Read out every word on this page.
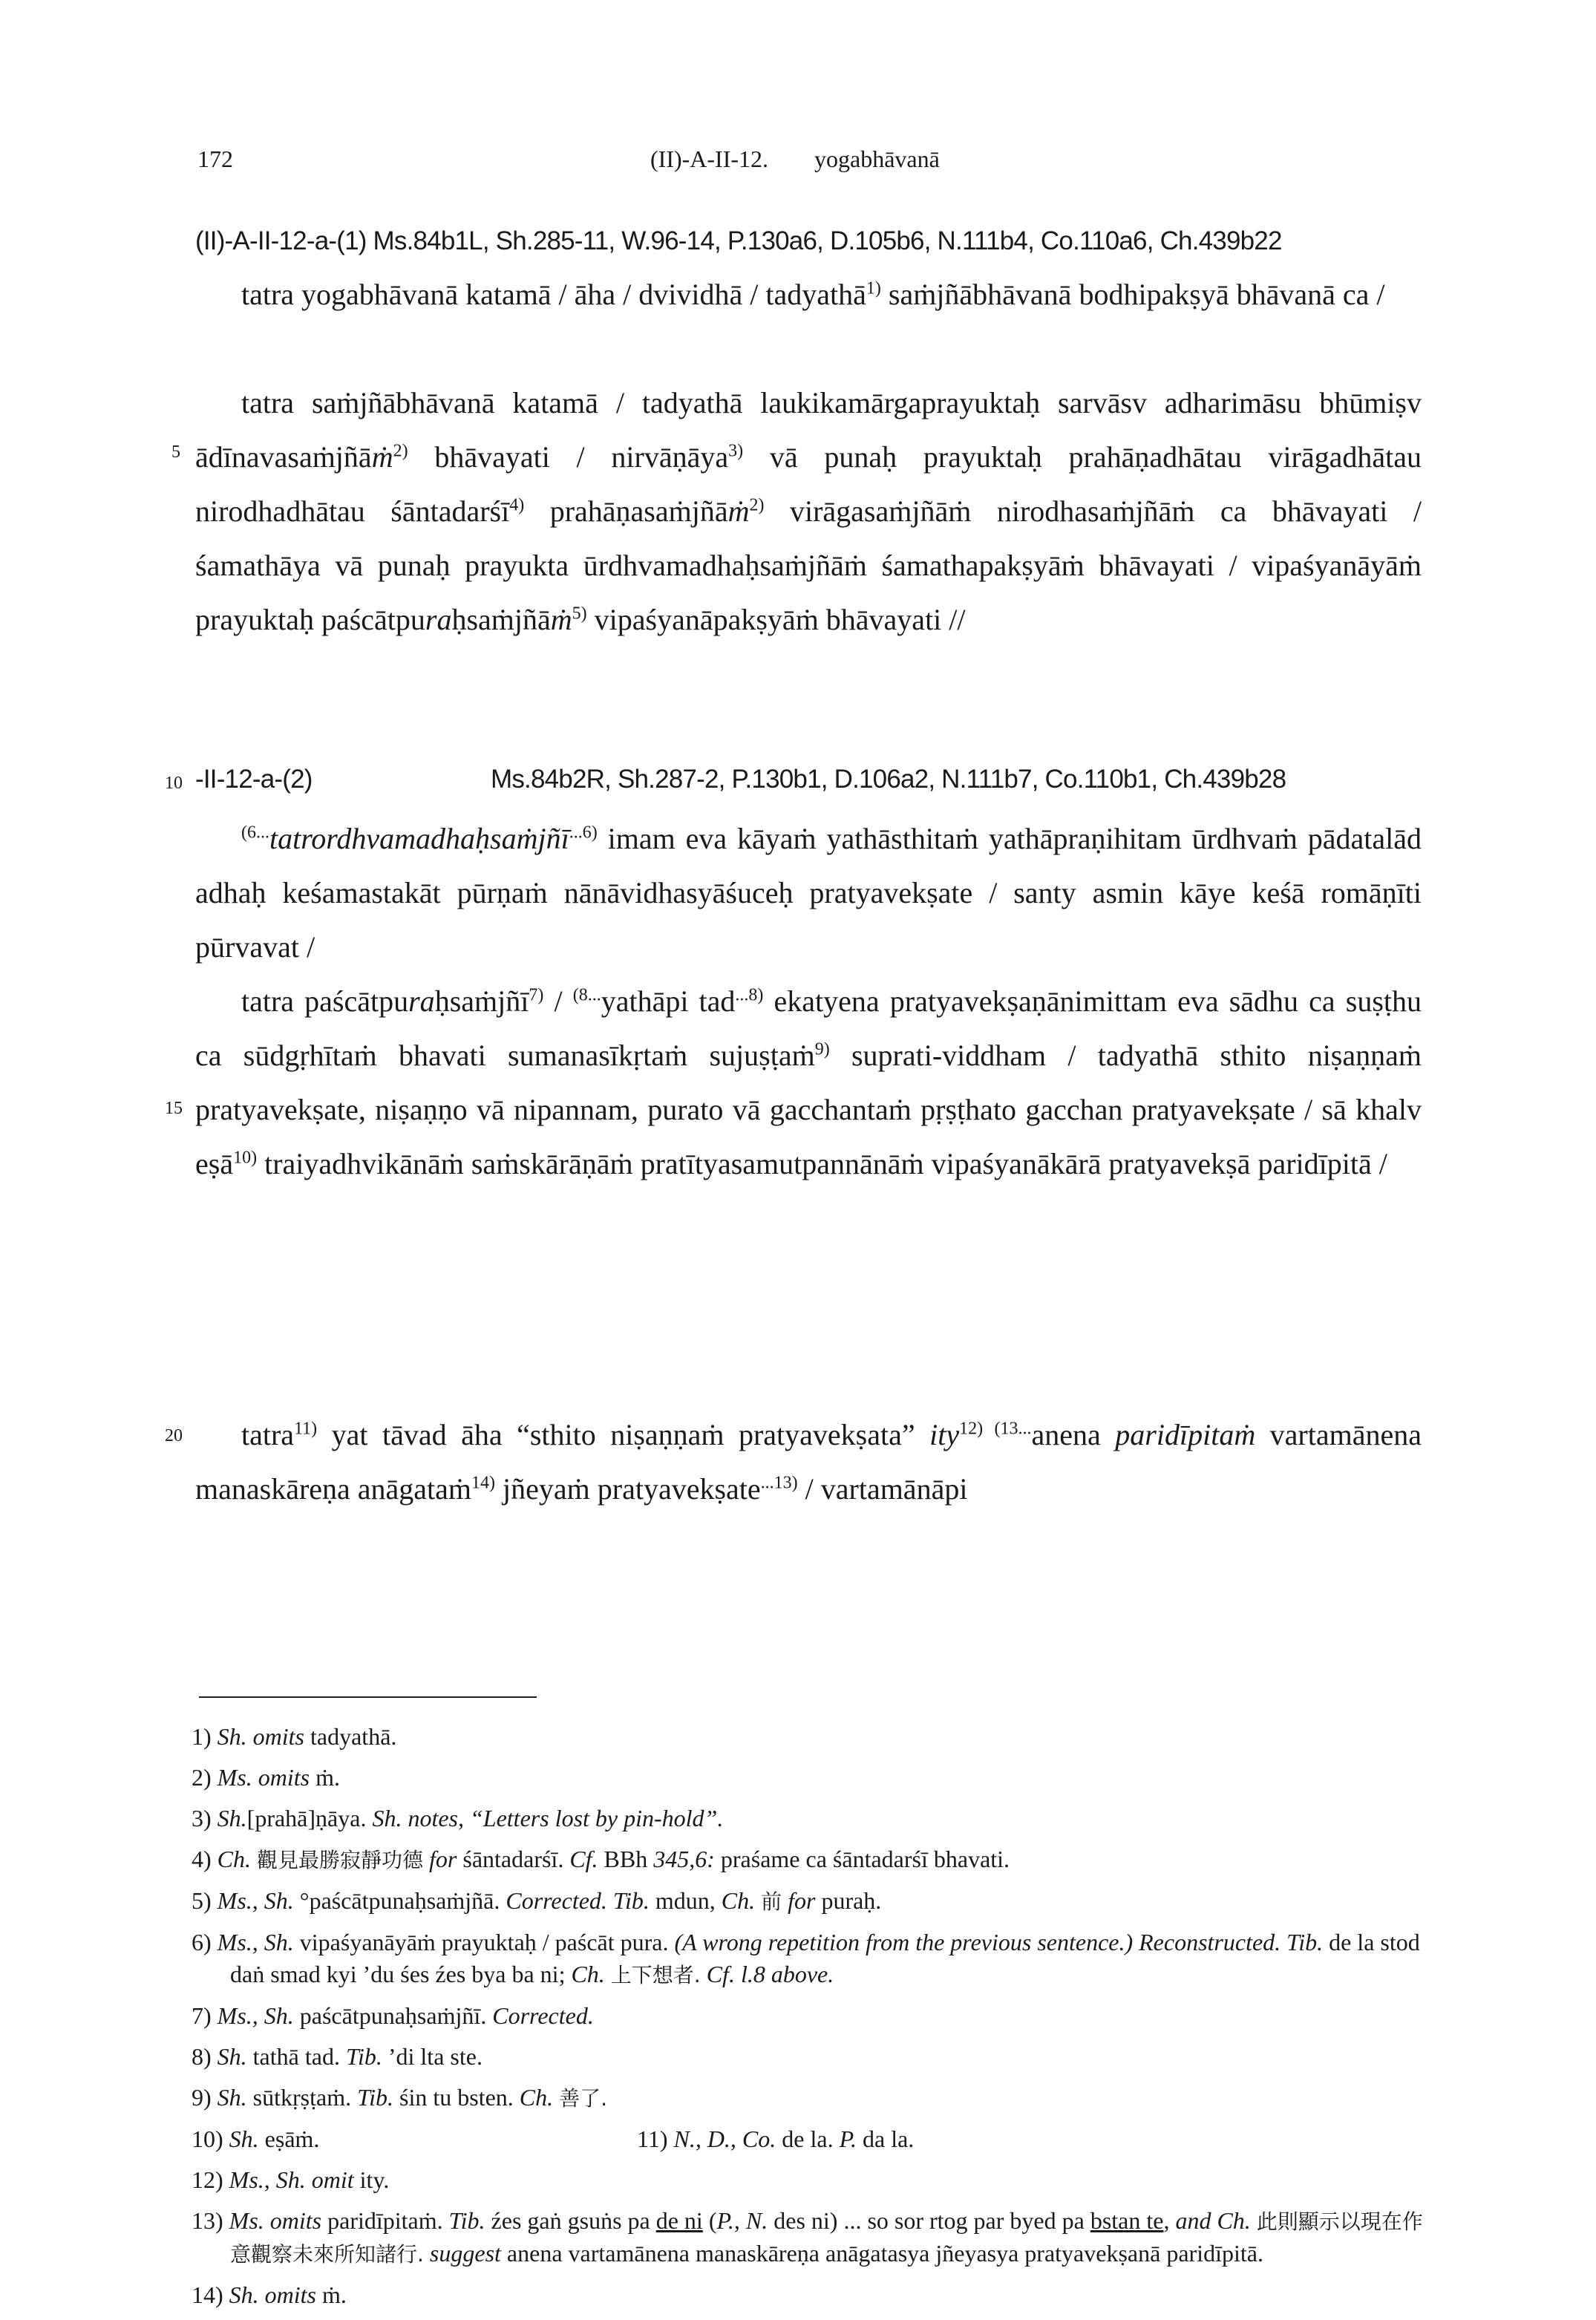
172	(II)-A-II-12. yogabhāvanā
(II)-A-II-12-a-(1) Ms.84b1L, Sh.285-11, W.96-14, P.130a6, D.105b6, N.111b4, Co.110a6, Ch.439b22
tatra yogabhāvanā katamā / āha / dvividhā / tadyathā$^{1)}$ saṁjñābhāvanā bodhipakṣyā bhāvanā ca /
5
tatra saṁjñābhāvanā katamā / tadyathā laukikamārgaprayuktaḥ sarvāsv adharimāsu bhūmiṣv ādīnavasaṁjñāṁ$^{2)}$ bhāvayati / nirvāṇāya$^{3)}$ vā punaḥ prayuktaḥ prahāṇadhātau virāgadhātau nirodhadhātau śāntadarśī$^{4)}$ prahāṇasaṁjñāṁ$^{2)}$ virāgasaṁjñāṁ nirodhasaṁjñāṁ ca bhāvayati / śamathāya vā punaḥ prayukta ūrdhvamadhaḥsaṁjñāṁ śamathapakṣyāṁ bhāvayati / vipaśyanāyāṁ prayuktaḥ paścātpuraḥsaṁjñāṁ$^{5)}$ vipaśyanāpakṣyāṁ bhāvayati //
10 -II-12-a-(2)	Ms.84b2R, Sh.287-2, P.130b1, D.106a2, N.111b7, Co.110b1, Ch.439b28
$^{(6...}$tatrordhvamadhaḥsaṁjñī$^{...6)}$ imam eva kāyaṁ yathāsthitaṁ yathāpraṇihitam ūrdhvaṁ pādatalād adhaḥ keśamastakāt pūrṇaṁ nānāvidhasyāśuceḥ pratyavekṣate / santy asmin kāye keśā romāṇīti pūrvavat /
15
tatra paścātpuraḥsaṁjñī$^{7)}$ / $^{(8...}$yathāpi tad$^{...8)}$ ekatyena pratyavekṣaṇānimittam eva sādhu ca suṣṭhu ca sūdgṛhītaṁ bhavati sumanasīkṛtaṁ sujuṣṭaṁ$^{9)}$ suprati-viddham / tadyathā sthito niṣaṇṇaṁ pratyavekṣate, niṣaṇṇo vā nipannam, purato vā gacchantaṁ pṛṣṭhato gacchan pratyavekṣate / sā khalv eṣā$^{10)}$ traiyadhvikānāṁ saṁskārāṇāṁ pratītyasamutpannānāṁ vipaśyanākārā pratyavekṣā paridīpitā /
20	tatra$^{11)}$ yat tāvad āha “sthito niṣaṇṇaṁ pratyavekṣata” ity$^{12)}$ $^{(13...}$anena paridīpitaṁ vartamānena manaskāreṇa anāgataṁ$^{14)}$ jñeyaṁ pratyavekṣate$^{...13)}$ / vartamānāpi
1) Sh. omits tadyathā.
2) Ms. omits ṁ.
3) Sh.[prahā]ṇāya. Sh. notes, “Letters lost by pin-hold”.
4) Ch. 觀見最勝寂靜功德 for śāntadarśī. Cf. BBh 345,6: praśame ca śāntadarśī bhavati.
5) Ms., Sh. °paścātpunaḥsaṁjñā. Corrected. Tib. mdun, Ch. 前 for puraḥ.
6) Ms., Sh. vipaśyanāyāṁ prayuktaḥ / paścāt pura. (A wrong repetition from the previous sentence.) Reconstructed. Tib. de la stod daṅ smad kyi ’du śes źes bya ba ni; Ch. 上下想者. Cf. l.8 above.
7) Ms., Sh. paścātpunaḥsaṁjñī. Corrected.
8) Sh. tathā tad. Tib. ’di lta ste.
9) Sh. sūtkṛṣṭaṁ. Tib. śin tu bsten. Ch. 善了.
10) Sh. eṣāṁ.	11) N., D., Co. de la. P. da la.
12) Ms., Sh. omit ity.
13) Ms. omits paridīpitaṁ. Tib. źes gaṅ gsuṅs pa de ni (P., N. des ni) ... so sor rtog par byed pa bstan te, and Ch. 此則顯示以現在作意觀察未來所知諸行. suggest anena vartamānena manaskāreṇa anāgatasya jñeyasya pratyavekṣanā paridīpitā.
14) Sh. omits ṁ.
